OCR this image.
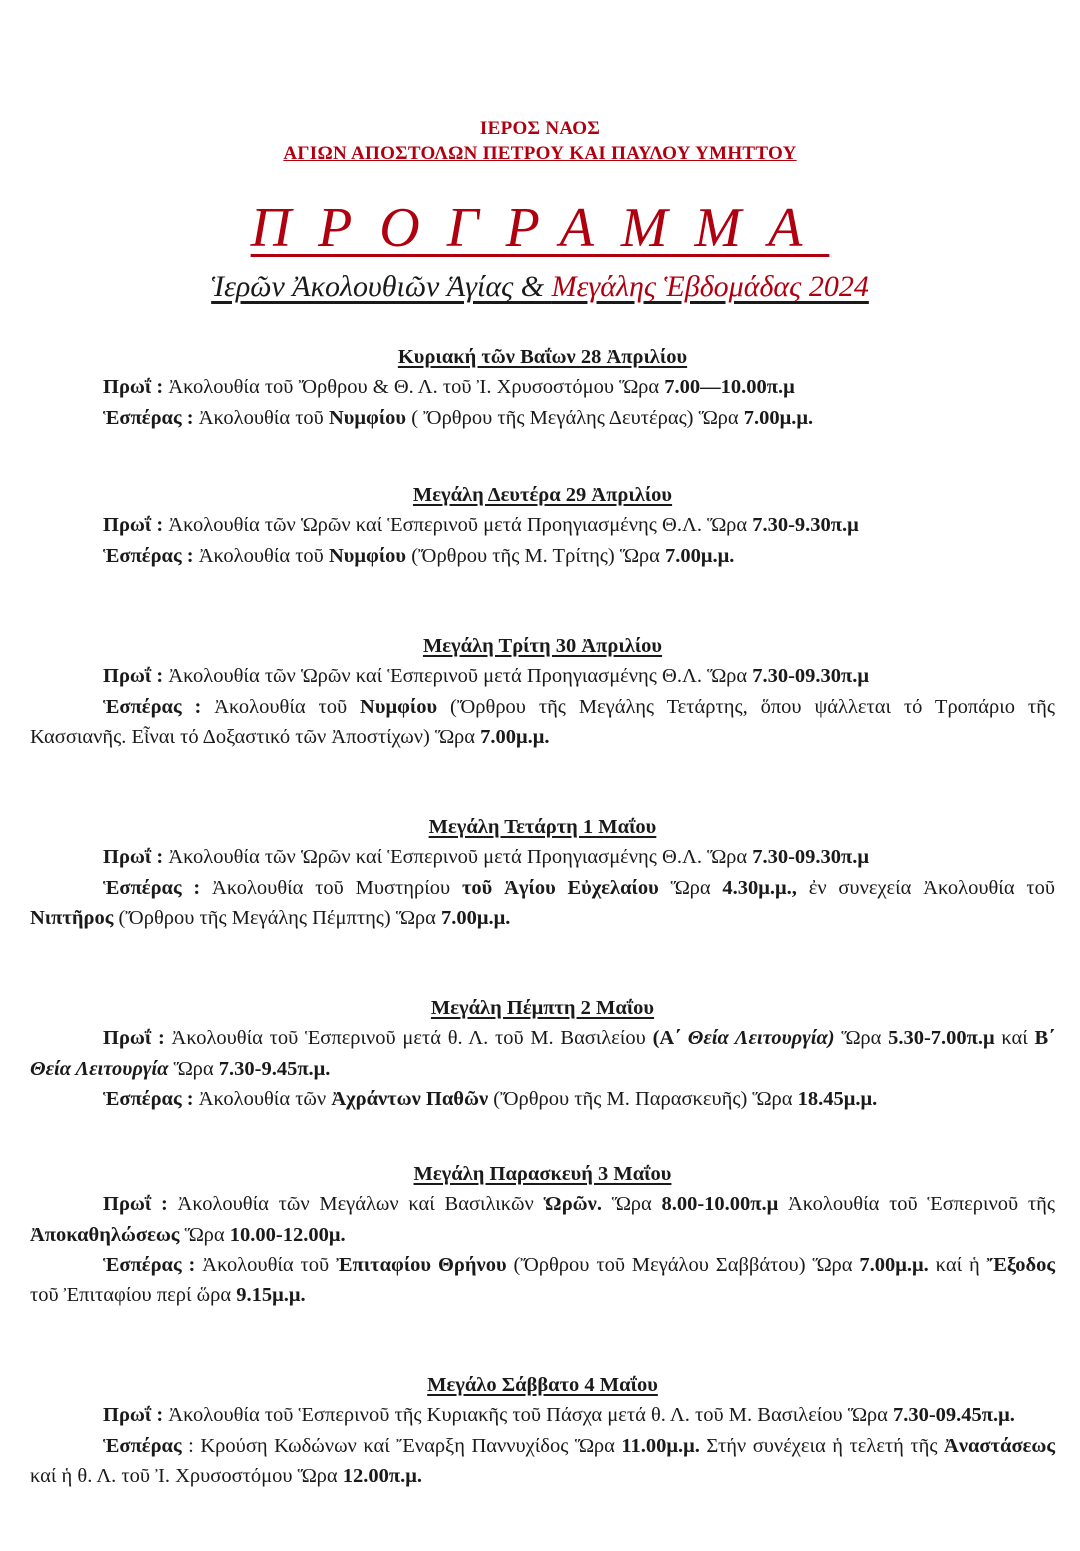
ΙΕΡΟΣ ΝΑΟΣ
ΑΓΙΩΝ ΑΠΟΣΤΟΛΩΝ ΠΕΤΡΟΥ ΚΑΙ ΠΑΥΛΟΥ ΥΜΗΤΤΟΥ
ΠΡΟΓΡΑΜΜΑ
Ἱερῶν Ἀκολουθιῶν Ἁγίας & Μεγάλης Ἑβδομάδας 2024
Κυριακή τῶν Βαΐων 28 Ἀπριλίου
Πρωΐ : Ἀκολουθία τοῦ Ὄρθρου & Θ. Λ. τοῦ Ἰ. Χρυσοστόμου Ὥρα 7.00—10.00π.μ
Ἑσπέρας : Ἀκολουθία τοῦ Νυμφίου ( Ὄρθρου τῆς Μεγάλης Δευτέρας) Ὥρα 7.00μ.μ.
Μεγάλη Δευτέρα 29 Ἀπριλίου
Πρωΐ : Ἀκολουθία τῶν Ὡρῶν καί Ἑσπερινοῦ μετά Προηγιασμένης Θ.Λ. Ὥρα 7.30-9.30π.μ
Ἑσπέρας : Ἀκολουθία τοῦ Νυμφίου (Ὄρθρου τῆς Μ. Τρίτης) Ὥρα 7.00μ.μ.
Μεγάλη Τρίτη 30 Ἀπριλίου
Πρωΐ : Ἀκολουθία τῶν Ὡρῶν καί Ἑσπερινοῦ μετά Προηγιασμένης Θ.Λ. Ὥρα 7.30-09.30π.μ
Ἑσπέρας : Ἀκολουθία τοῦ Νυμφίου (Ὄρθρου τῆς Μεγάλης Τετάρτης, ὅπου ψάλλεται τό Τροπάριο τῆς Κασσιανῆς. Εἶναι τό Δοξαστικό τῶν Ἀποστίχων) Ὥρα 7.00μ.μ.
Μεγάλη Τετάρτη 1 Μαΐου
Πρωΐ : Ἀκολουθία τῶν Ὡρῶν καί Ἑσπερινοῦ μετά Προηγιασμένης Θ.Λ. Ὥρα 7.30-09.30π.μ
Ἑσπέρας : Ἀκολουθία τοῦ Μυστηρίου τοῦ Ἁγίου Εὐχελαίου Ὥρα 4.30μ.μ., ἐν συνεχεία Ἀκολουθία τοῦ Νιπτῆρος (Ὄρθρου τῆς Μεγάλης Πέμπτης) Ὥρα 7.00μ.μ.
Μεγάλη Πέμπτη 2 Μαΐου
Πρωΐ : Ἀκολουθία τοῦ Ἑσπερινοῦ μετά θ. Λ. τοῦ Μ. Βασιλείου (Α΄ Θεία Λειτουργία) Ὥρα 5.30-7.00π.μ καί Β΄ Θεία Λειτουργία Ὥρα 7.30-9.45π.μ.
Ἑσπέρας : Ἀκολουθία τῶν Ἀχράντων Παθῶν (Ὄρθρου τῆς Μ. Παρασκευῆς) Ὥρα 18.45μ.μ.
Μεγάλη Παρασκευή 3 Μαΐου
Πρωΐ : Ἀκολουθία τῶν Μεγάλων καί Βασιλικῶν Ὡρῶν. Ὥρα 8.00-10.00π.μ Ἀκολουθία τοῦ Ἑσπερινοῦ τῆς Ἀποκαθηλώσεως Ὥρα 10.00-12.00μ.
Ἑσπέρας : Ἀκολουθία τοῦ Ἐπιταφίου Θρήνου (Ὄρθρου τοῦ Μεγάλου Σαββάτου) Ὥρα 7.00μ.μ. καί ἡ Ἔξοδος τοῦ Ἐπιταφίου περί ὥρα 9.15μ.μ.
Μεγάλο Σάββατο 4 Μαΐου
Πρωΐ : Ἀκολουθία τοῦ Ἑσπερινοῦ τῆς Κυριακῆς τοῦ Πάσχα μετά θ. Λ. τοῦ Μ. Βασιλείου Ὥρα 7.30-09.45π.μ.
Ἑσπέρας : Κρούση Κωδώνων καί Ἔναρξη Παννυχίδος Ὥρα 11.00μ.μ. Στήν συνέχεια ἡ τελετή τῆς Ἀναστάσεως καί ἡ θ. Λ. τοῦ Ἰ. Χρυσοστόμου Ὥρα 12.00π.μ.
